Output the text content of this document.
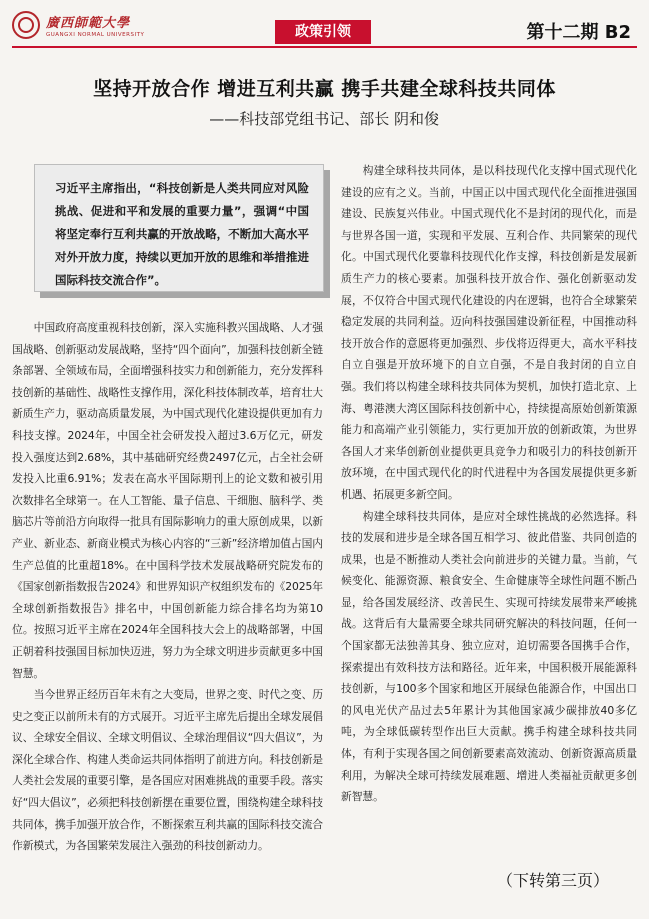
廣西師範大學
GUANGXI NORMAL UNIVERSITY	政策引领	第十二期 B2
坚持开放合作 增进互利共赢 携手共建全球科技共同体
——科技部党组书记、部长 阴和俊
习近平主席指出，“科技创新是人类共同应对风险挑战、促进和平和发展的重要力量”，强调“中国将坚定奉行互利共赢的开放战略，不断加大高水平对外开放力度，持续以更加开放的思维和举措推进国际科技交流合作”。

中国政府高度重视科技创新，深入实施科教兴国战略、人才强国战略、创新驱动发展战略，坚持“四个面向”，加强科技创新全链条部署、全领域布局，全面增强科技实力和创新能力，充分发挥科技创新的基础性、战略性支撑作用，深化科技体制改革，培育壮大新质生产力，驱动高质量发展，为中国式现代化建设提供更加有力科技支撑。2024年，中国全社会研发投入超过3.6万亿元，研发投入强度达到2.68%，其中基础研究经费2497亿元，占全社会研发投入比重6.91%；发表在高水平国际期刊上的论文数和被引用次数排名全球第一。在人工智能、量子信息、干细胞、脑科学、类脑芯片等前沿方向取得一批具有国际影响力的重大原创成果，以新产业、新业态、新商业模式为核心内容的“三新”经济增加值占国内生产总值的比重超18%。在中国科学技术发展战略研究院发布的《国家创新指数报告2024》和世界知识产权组织发布的《2025年全球创新指数报告》排名中，中国创新能力综合排名均为第10位。按照习近平主席在2024年全国科技大会上的战略部署，中国正朝着科技强国目标加快迈进，努力为全球文明进步贡献更多中国智慧。

当今世界正经历百年未有之大变局，世界之变、时代之变、历史之变正以前所未有的方式展开。习近平主席先后提出全球发展倡议、全球安全倡议、全球文明倡议、全球治理倡议“四大倡议”，为深化全球合作、构建人类命运共同体指明了前进方向。科技创新是人类社会发展的重要引擎，是各国应对困难挑战的重要手段。落实好“四大倡议”，必须把科技创新摆在重要位置，围绕构建全球科技共同体，携手加强开放合作，不断探索互利共赢的国际科技交流合作新模式，为各国繁荣发展注入强劲的科技创新动力。

构建全球科技共同体，是以科技现代化支撑中国式现代化建设的应有之义。当前，中国正以中国式现代化全面推进强国建设、民族复兴伟业。中国式现代化不是封闭的现代化，而是与世界各国一道，实现和平发展、互利合作、共同繁荣的现代化。中国式现代化要靠科技现代化作支撑，科技创新是发展新质生产力的核心要素。加强科技开放合作、强化创新驱动发展，不仅符合中国式现代化建设的内在逻辑，也符合全球繁荣稳定发展的共同利益。迈向科技强国建设新征程，中国推动科技开放合作的意愿将更加强烈、步伐将迈得更大，高水平科技自立自强是开放环境下的自立自强，不是自我封闭的自立自强。我们将以构建全球科技共同体为契机，加快打造北京、上海、粤港澳大湾区国际科技创新中心，持续提高原始创新策源能力和高端产业引领能力，实行更加开放的创新政策，为世界各国人才来华创新创业提供更具竞争力和吸引力的科技创新开放环境，在中国式现代化的时代进程中为各国发展提供更多新机遇、拓展更多新空间。

构建全球科技共同体，是应对全球性挑战的必然选择。科技的发展和进步是全球各国互相学习、彼此借鉴、共同创造的成果，也是不断推动人类社会向前进步的关键力量。当前，气候变化、能源资源、粮食安全、生命健康等全球性问题不断凸显，给各国发展经济、改善民生、实现可持续发展带来严峻挑战。这背后有大量需要全球共同研究解决的科技问题，任何一个国家都无法独善其身、独立应对，迫切需要各国携手合作，探索提出有效科技方法和路径。近年来，中国积极开展能源科技创新，与100多个国家和地区开展绿色能源合作，中国出口的风电光伏产品过去5年累计为其他国家减少碳排放40多亿吨，为全球低碳转型作出巨大贡献。携手构建全球科技共同体，有利于实现各国之间创新要素高效流动、创新资源高质量利用，为解决全球可持续发展难题、增进人类福祉贡献更多创新智慧。

（下转第三页）
